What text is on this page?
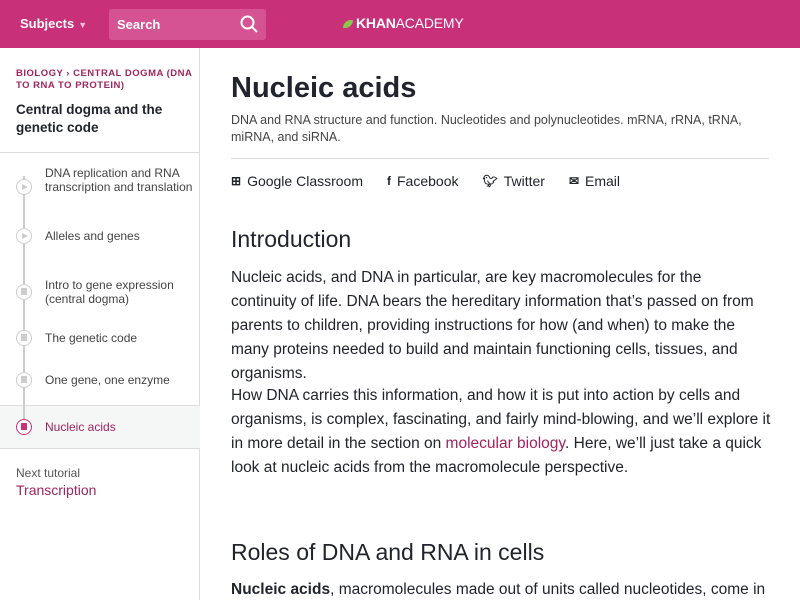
Subjects ▼ Search	KHANACADEMY
BIOLOGY › CENTRAL DOGMA (DNA TO RNA TO PROTEIN)
Central dogma and the genetic code
DNA replication and RNA transcription and translation
Alleles and genes
Intro to gene expression (central dogma)
The genetic code
One gene, one enzyme
Nucleic acids
Next tutorial
Transcription
Nucleic acids
DNA and RNA structure and function. Nucleotides and polynucleotides. mRNA, rRNA, tRNA, miRNA, and siRNA.
⊞ Google Classroom f Facebook 🐦︎ Twitter ✉ Email
Introduction
Nucleic acids, and DNA in particular, are key macromolecules for the continuity of life. DNA bears the hereditary information that’s passed on from parents to children, providing instructions for how (and when) to make the many proteins needed to build and maintain functioning cells, tissues, and organisms.
How DNA carries this information, and how it is put into action by cells and organisms, is complex, fascinating, and fairly mind-blowing, and we’ll explore it in more detail in the section on molecular biology. Here, we’ll just take a quick look at nucleic acids from the macromolecule perspective.
Roles of DNA and RNA in cells
Nucleic acids, macromolecules made out of units called nucleotides, come in
